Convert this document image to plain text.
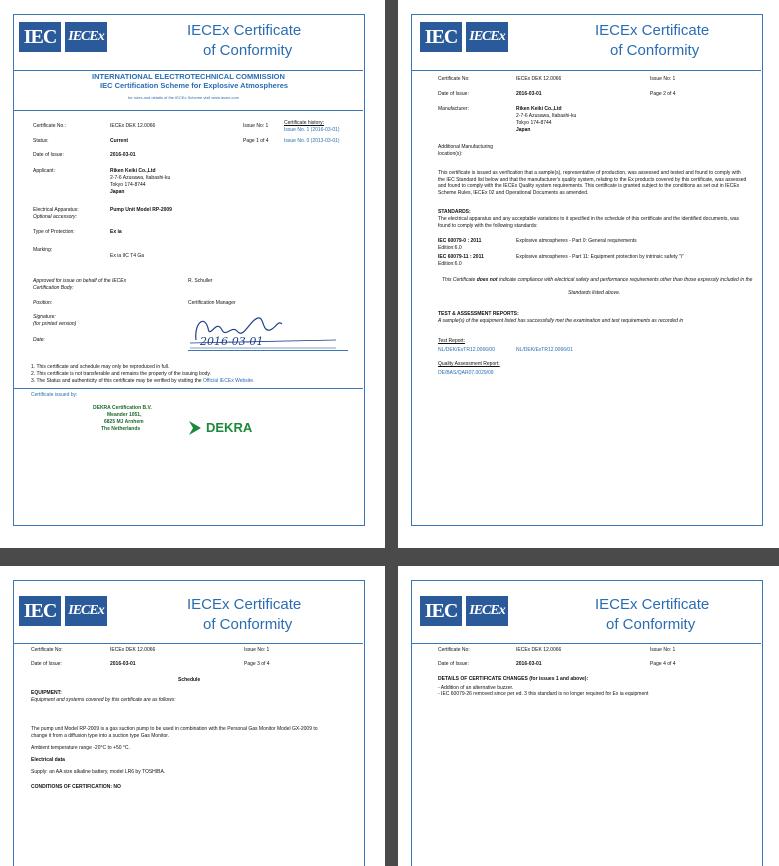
IEC IECEx	IECEx Certificate
of Conformity
INTERNATIONAL ELECTROTECHNICAL COMMISSION
IEC Certification Scheme for Explosive Atmospheres
for rules and details of the IECEx Scheme visit www.iecex.com
Certificate No.:	IECEx DEK 12.0066	Issue No: 1	Certificate history:
Issue No. 1 (2016-03-01)
Issue No. 0 (2013-03-01)
Status:	Current	Page 1 of 4
Date of Issue:	2016-03-01
Applicant:	Riken Keiki Co.,Ltd
2-7-6 Azusawa, Itabashi-ku
Tokyo 174-8744
Japan
Electrical Apparatus:	Pump Unit Model RP-2009
Optional accessory:
Type of Protection:	Ex ia
Marking:
Ex ia IIC T4 Ga
Approved for issue on behalf of the IECEx
Certification Body:
R. Schuller
Position:	Certification Manager
Signature:
(for printed version)
Date:	2016-03-01
1. This certificate and schedule may only be reproduced in full.
2. This certificate is not transferable and remains the property of the issuing body.
3. The Status and authenticity of this certificate may be verified by visiting the Official IECEx Website.
Certificate issued by:
DEKRA Certification B.V.
Meander 1051,
6825 MJ Arnhem
The Netherlands	DEKRA
IEC IECEx	IECEx Certificate
of Conformity
Certificate No:	IECEx DEK 12.0066	Issue No: 1
Date of Issue:	2016-03-01	Page 2 of 4
Manufacturer:	Riken Keiki Co.,Ltd
2-7-6 Azusawa, Itabashi-ku
Tokyo 174-8744
Japan
Additional Manufacturing
location(s):
This certificate is issued as verification that a sample(s), representative of production, was assessed and tested and found to comply with the IEC Standard list below and that the manufacturer's quality system, relating to the Ex products covered by this certificate, was assessed and found to comply with the IECEx Quality system requirements. This certificate is granted subject to the conditions as set out in IECEx Scheme Rules, IECEx 02 and Operational Documents as amended.
STANDARDS:
The electrical apparatus and any acceptable variations to it specified in the schedule of this certificate and the identified documents, was found to comply with the following standards:
IEC 60079-0 : 2011
Edition:6.0
Explosive atmospheres - Part 0: General requirements
IEC 60079-11 : 2011
Edition:6.0
Explosive atmospheres - Part 11: Equipment protection by intrinsic safety "i"
This Certificate does not indicate compliance with electrical safety and performance requirements other than those expressly included in the
Standards listed above.
TEST & ASSESSMENT REPORTS:
A sample(s) of the equipment listed has successfully met the examination and test requirements as recorded in
Test Report:
NL/DEK/ExTR12.0066/00	NL/DEK/ExTR12.0066/01
Quality Assessment Report:
DE/BAS/QAR07.0029/09
IEC IECEx	IECEx Certificate
of Conformity
Certificate No:	IECEx DEK 12.0066	Issue No: 1
Date of Issue:	2016-03-01	Page 3 of 4
Schedule
EQUIPMENT:
Equipment and systems covered by this certificate are as follows:
The pump unit Model RP-2009 is a gas suction pump to be used in combination with the Personal Gas Monitor Model GX-2009 to change it from a diffusion type into a suction type Gas Monitor.
Ambient temperature range -20°C to +50 °C.
Electrical data
Supply: an AA size alkaline battery, model LR6 by TOSHIBA.
CONDITIONS OF CERTIFICATION: NO
IEC IECEx	IECEx Certificate
of Conformity
Certificate No:	IECEx DEK 12.0066	Issue No: 1
Date of Issue:	2016-03-01	Page 4 of 4
DETAILS OF CERTIFICATE CHANGES (for issues 1 and above):
- Addition of an alternative buzzer.
- IEC 60079-26 removed since per ed. 3 this standard is no longer required for Ex ia equipment
